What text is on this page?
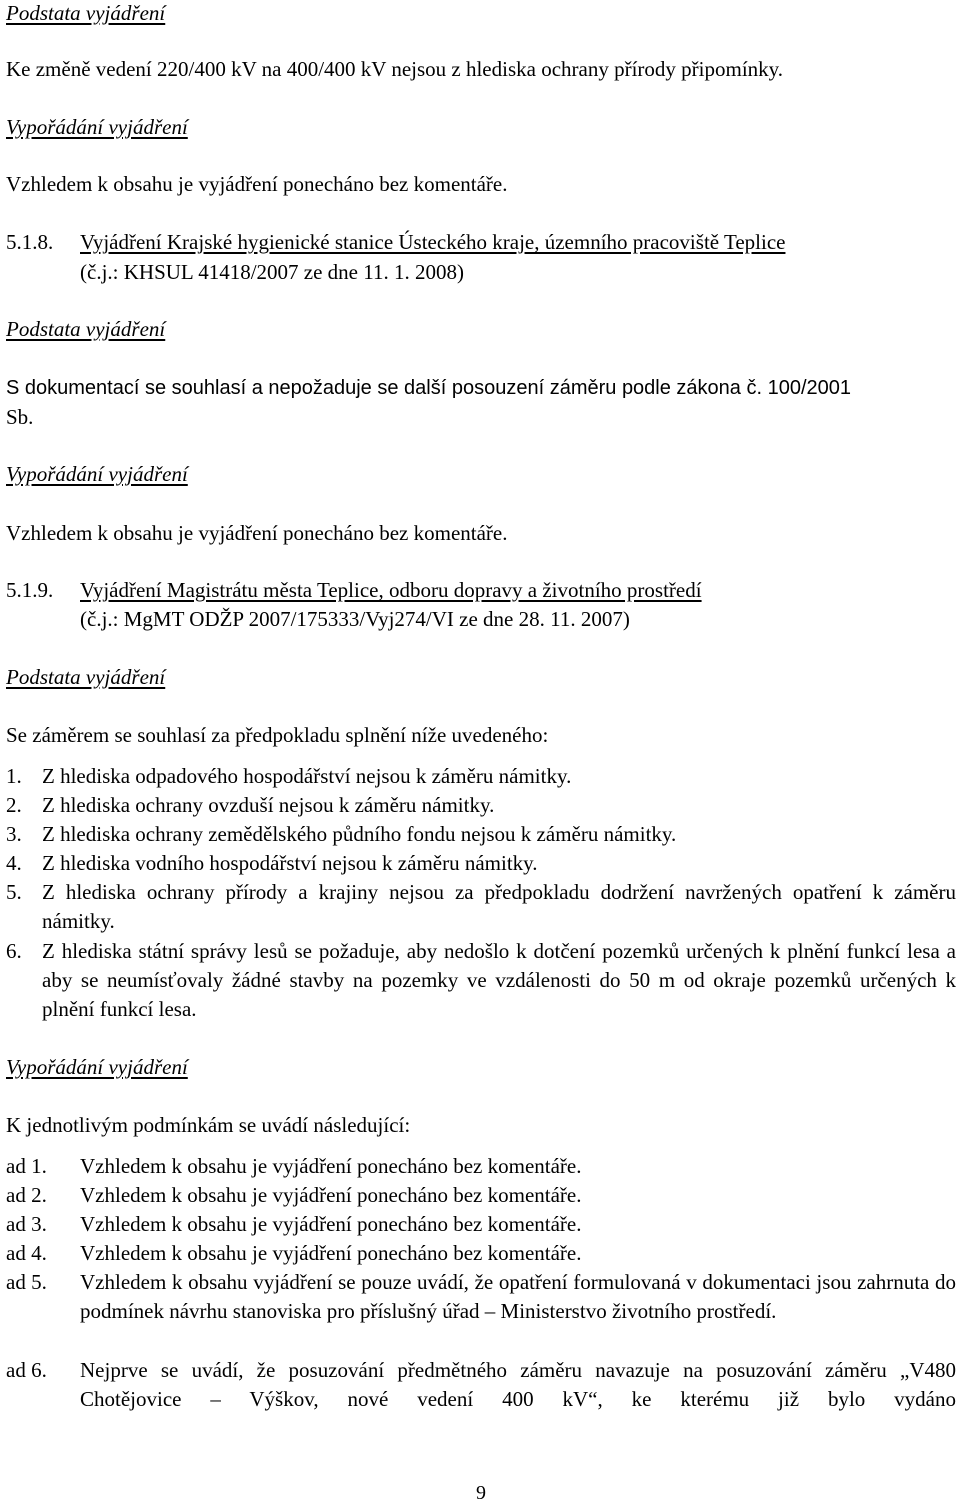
Podstata vyjádření
Ke změně vedení 220/400 kV na 400/400 kV nejsou z hlediska ochrany přírody připomínky.
Vypořádání vyjádření
Vzhledem k obsahu je vyjádření ponecháno bez komentáře.
5.1.8. Vyjádření Krajské hygienické stanice Ústeckého kraje, územního pracoviště Teplice
(č.j.: KHSUL 41418/2007 ze dne 11. 1. 2008)
Podstata vyjádření
S dokumentací se souhlasí a nepožaduje se další posouzení záměru podle zákona č. 100/2001
Sb.
Vypořádání vyjádření
Vzhledem k obsahu je vyjádření ponecháno bez komentáře.
5.1.9. Vyjádření Magistrátu města Teplice, odboru dopravy a životního prostředí
(č.j.: MgMT ODŽP 2007/175333/Vyj274/VI ze dne 28. 11. 2007)
Podstata vyjádření
Se záměrem se souhlasí za předpokladu splnění níže uvedeného:
1. Z hlediska odpadového hospodářství nejsou k záměru námitky.
2. Z hlediska ochrany ovzduší nejsou k záměru námitky.
3. Z hlediska ochrany zemědělského půdního fondu nejsou k záměru námitky.
4. Z hlediska vodního hospodářství nejsou k záměru námitky.
5. Z hlediska ochrany přírody a krajiny nejsou za předpokladu dodržení navržených opatření k záměru námitky.
6. Z hlediska státní správy lesů se požaduje, aby nedošlo k dotčení pozemků určených k plnění funkcí lesa a aby se neumísťovaly žádné stavby na pozemky ve vzdálenosti do 50 m od okraje pozemků určených k plnění funkcí lesa.
Vypořádání vyjádření
K jednotlivým podmínkám se uvádí následující:
ad 1. Vzhledem k obsahu je vyjádření ponecháno bez komentáře.
ad 2. Vzhledem k obsahu je vyjádření ponecháno bez komentáře.
ad 3. Vzhledem k obsahu je vyjádření ponecháno bez komentáře.
ad 4. Vzhledem k obsahu je vyjádření ponecháno bez komentáře.
ad 5. Vzhledem k obsahu vyjádření se pouze uvádí, že opatření formulovaná v dokumentaci jsou zahrnuta do podmínek návrhu stanoviska pro příslušný úřad – Ministerstvo životního prostředí.
ad 6. Nejprve se uvádí, že posuzování předmětného záměru navazuje na posuzování záměru „V480 Chotějovice – Výškov, nové vedení 400 kV“, ke kterému již bylo vydáno
9
